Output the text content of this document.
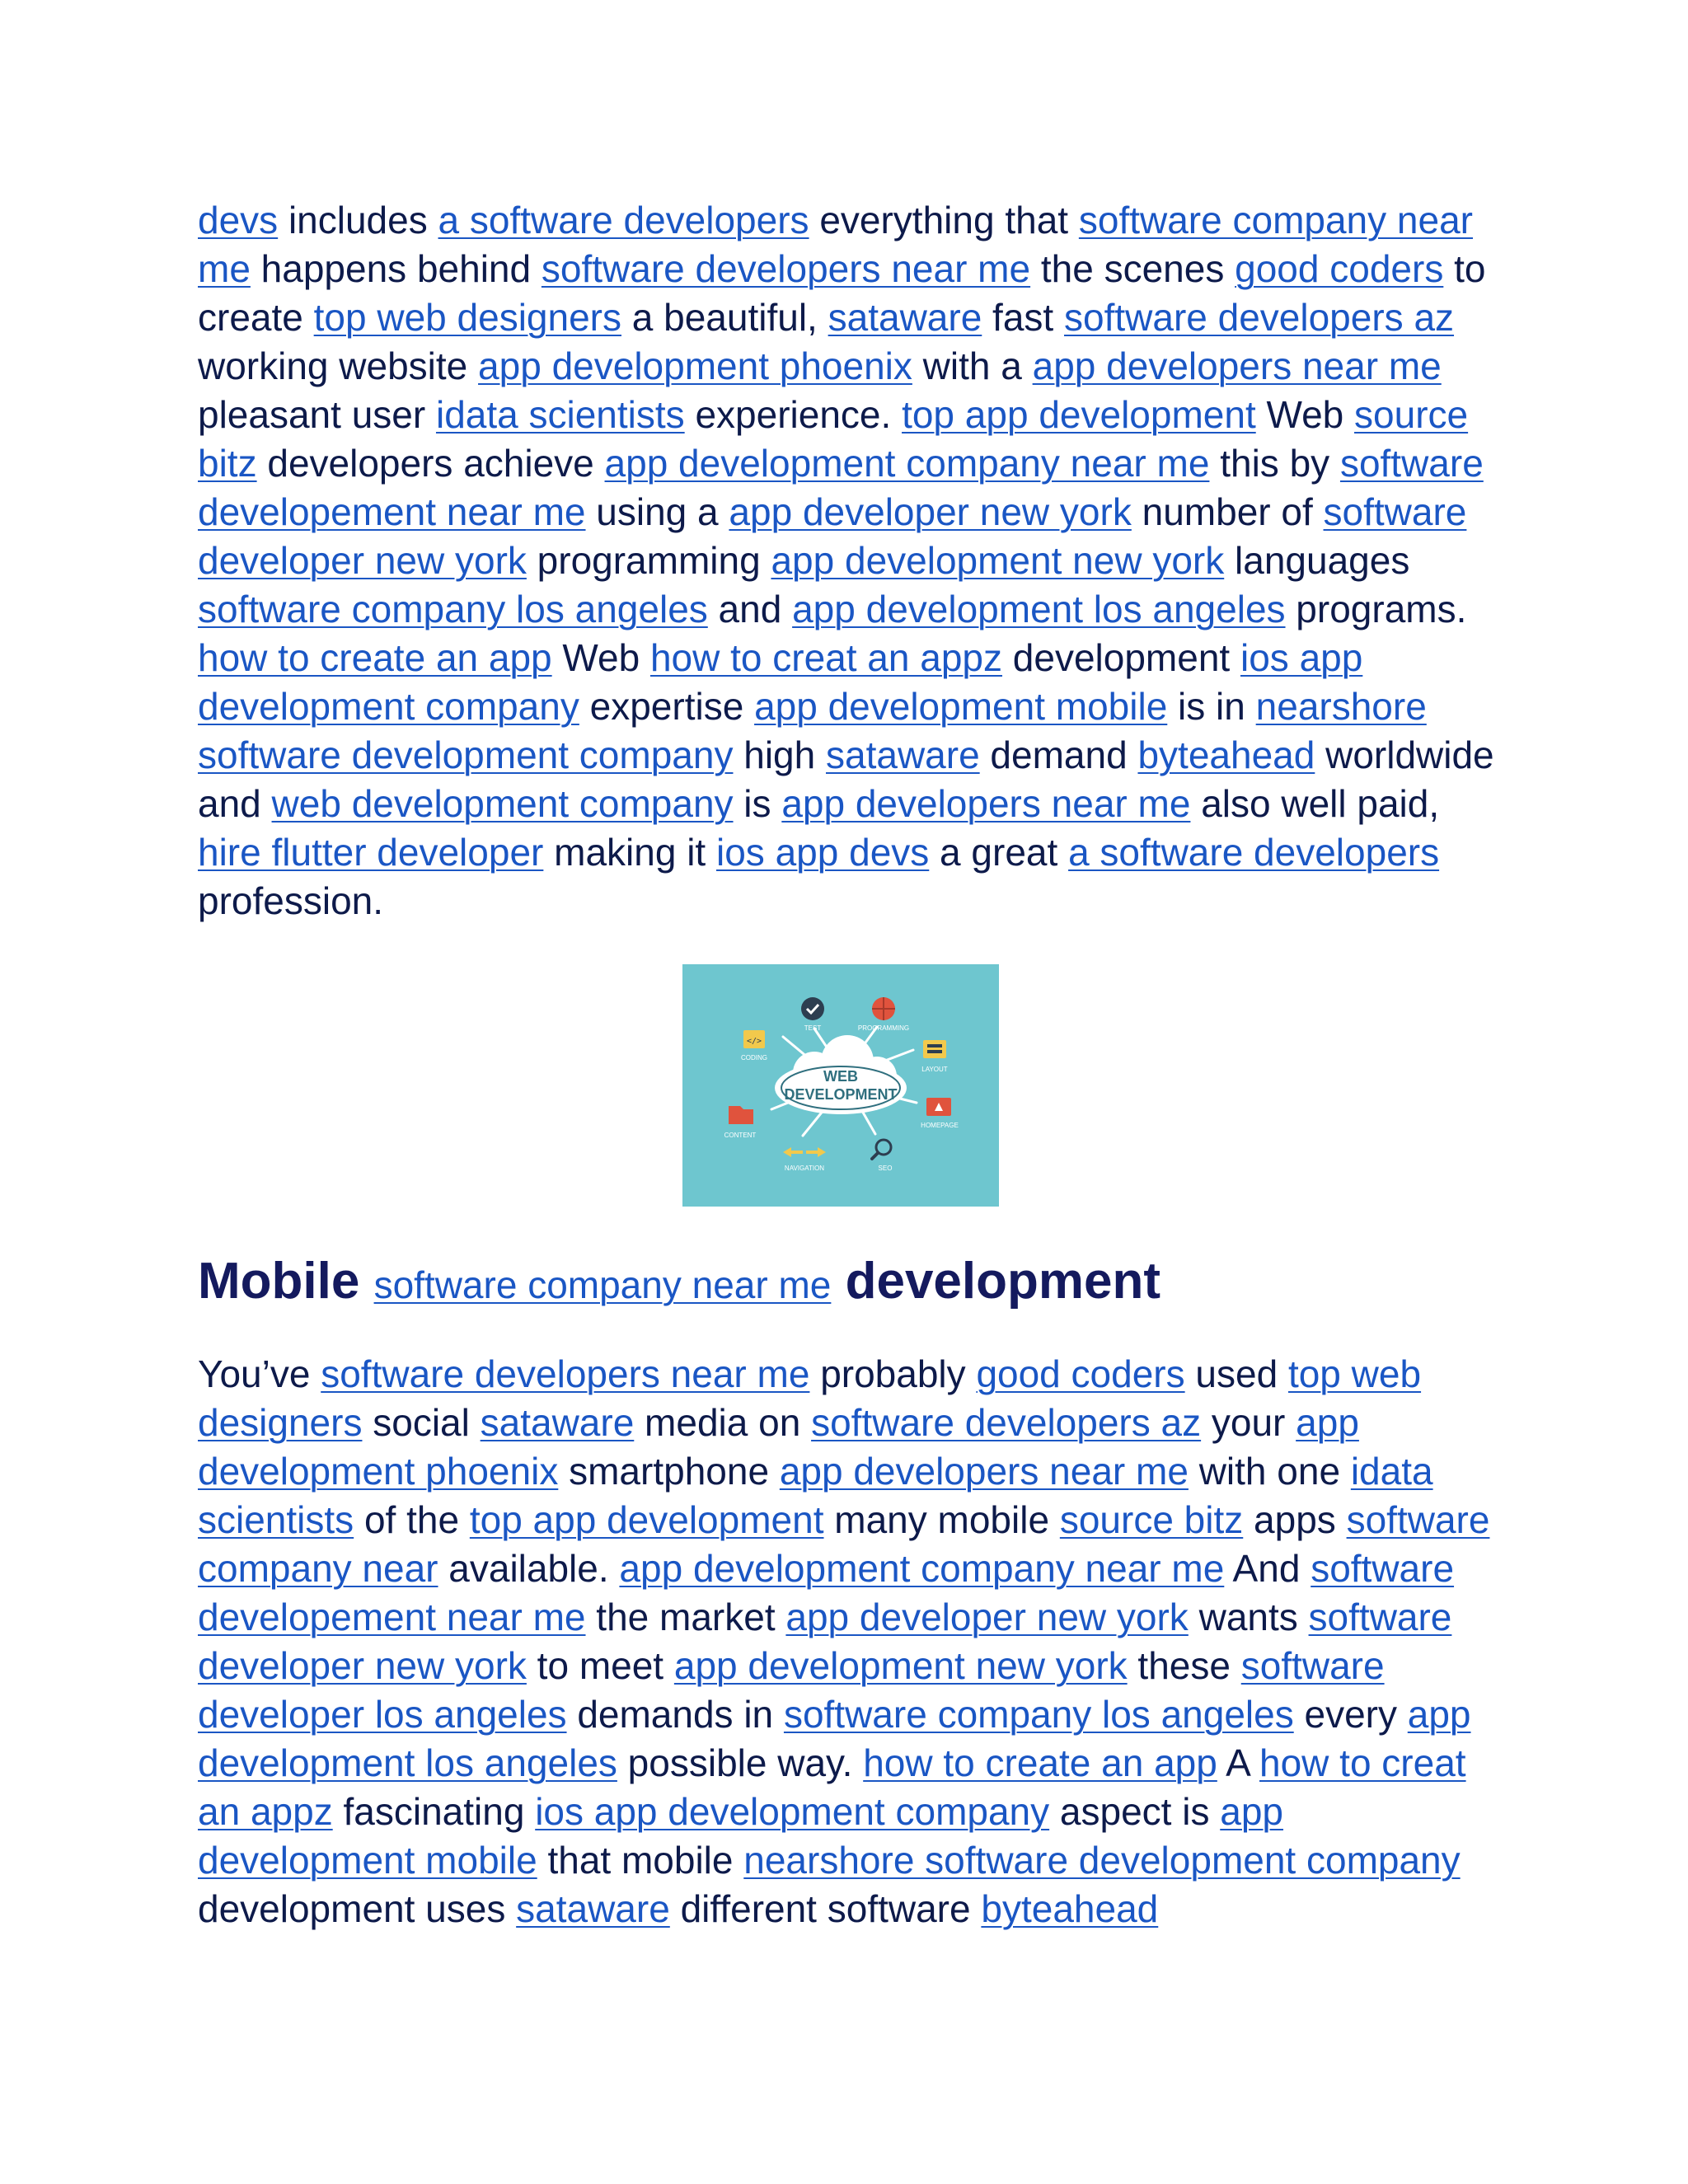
devs includes a software developers everything that software company near me happens behind software developers near me the scenes good coders to create top web designers a beautiful, sataware fast software developers az working website app development phoenix with a app developers near me pleasant user idata scientists experience. top app development Web source bitz developers achieve app development company near me this by software developement near me using a app developer new york number of software developer new york programming app development new york languages software company los angeles and app development los angeles programs. how to create an app Web how to creat an appz development ios app development company expertise app development mobile is in nearshore software development company high sataware demand byteahead worldwide and web development company is app developers near me also well paid, hire flutter developer making it ios app devs a great a software developers profession.

WEB
DEVELOPMENT
TEST	PROGRAMMING
</>
CODING
LAYOUT
CONTENT
HOMEPAGE
NAVIGATION	SEO
Mobile software company near me development

You’ve software developers near me probably good coders used top web designers social sataware media on software developers az your app development phoenix smartphone app developers near me with one idata scientists of the top app development many mobile source bitz apps software company near available. app development company near me And software developement near me the market app developer new york wants software developer new york to meet app development new york these software developer los angeles demands in software company los angeles every app development los angeles possible way. how to create an app A how to creat an appz fascinating ios app development company aspect is app development mobile that mobile nearshore software development company development uses sataware different software byteahead
